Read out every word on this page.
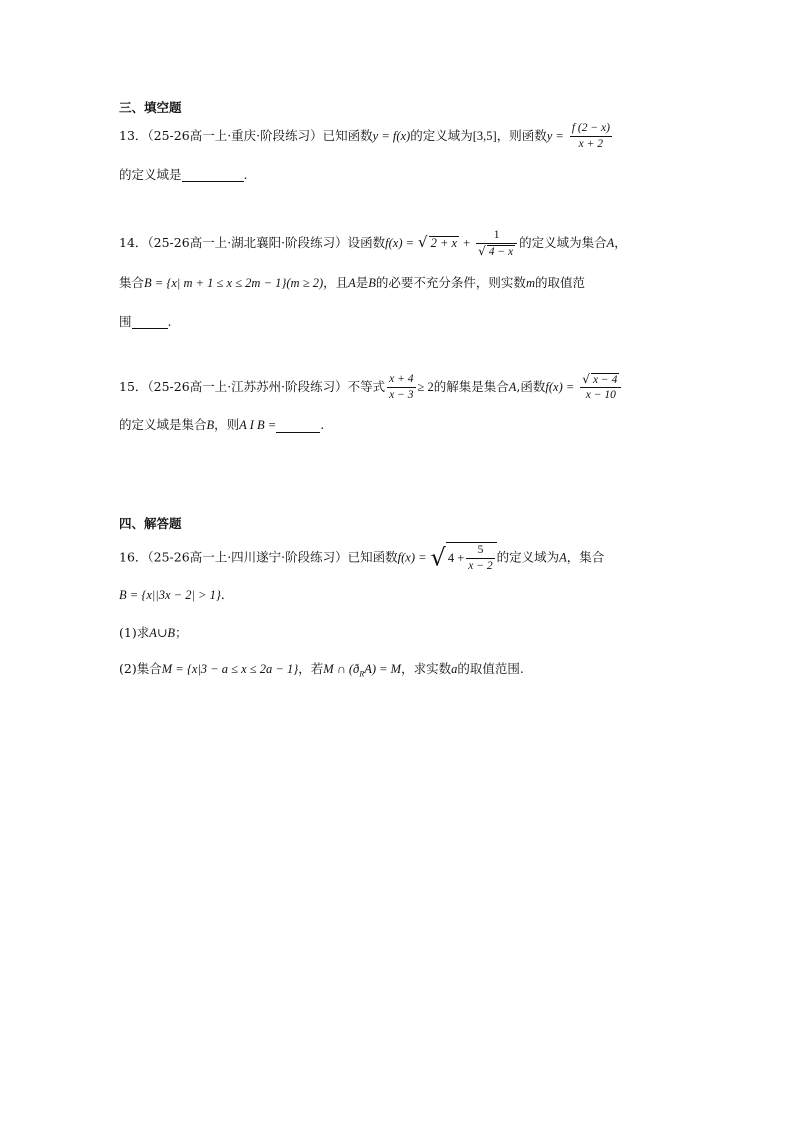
三、填空题
13．（25-26高一上·重庆·阶段练习）已知函数y = f(x)的定义域为[3,5]，则函数$y = \frac{f (2 - x)}{x + 2}$
的定义域是	.
14．（25-26高一上·湖北襄阳·阶段练习）设函数f(x) = √ $2 + x + \frac{1}{√ 4 - x}$ 的定义域为集合A，
集合B = {x| m + 1 ≤ x ≤ 2m − 1}(m ≥ 2)，且A是B的必要不充分条件，则实数m的取值范
围	.
15．（25-26高一上·江苏苏州·阶段练习）不等式 $\frac{x + 4}{x - 3} \ge 2$的解集是集合A,函数$f(x) = \frac{√ x - 4}{x - 10}$
的定义域是集合B，则A I B =	.
四、解答题
16．（25-26高一上·四川遂宁·阶段练习）已知函数f(x) = √ $4 + \frac{5}{x - 2}$ 的定义域为A，集合
B = {x||3x − 2| > 1}．
(1)求A∪B；
(2)集合M = {x|3 − a ≤ x ≤ 2a − 1}，若M ∩ $(ð_RA) = M$，求实数a的取值范围.
